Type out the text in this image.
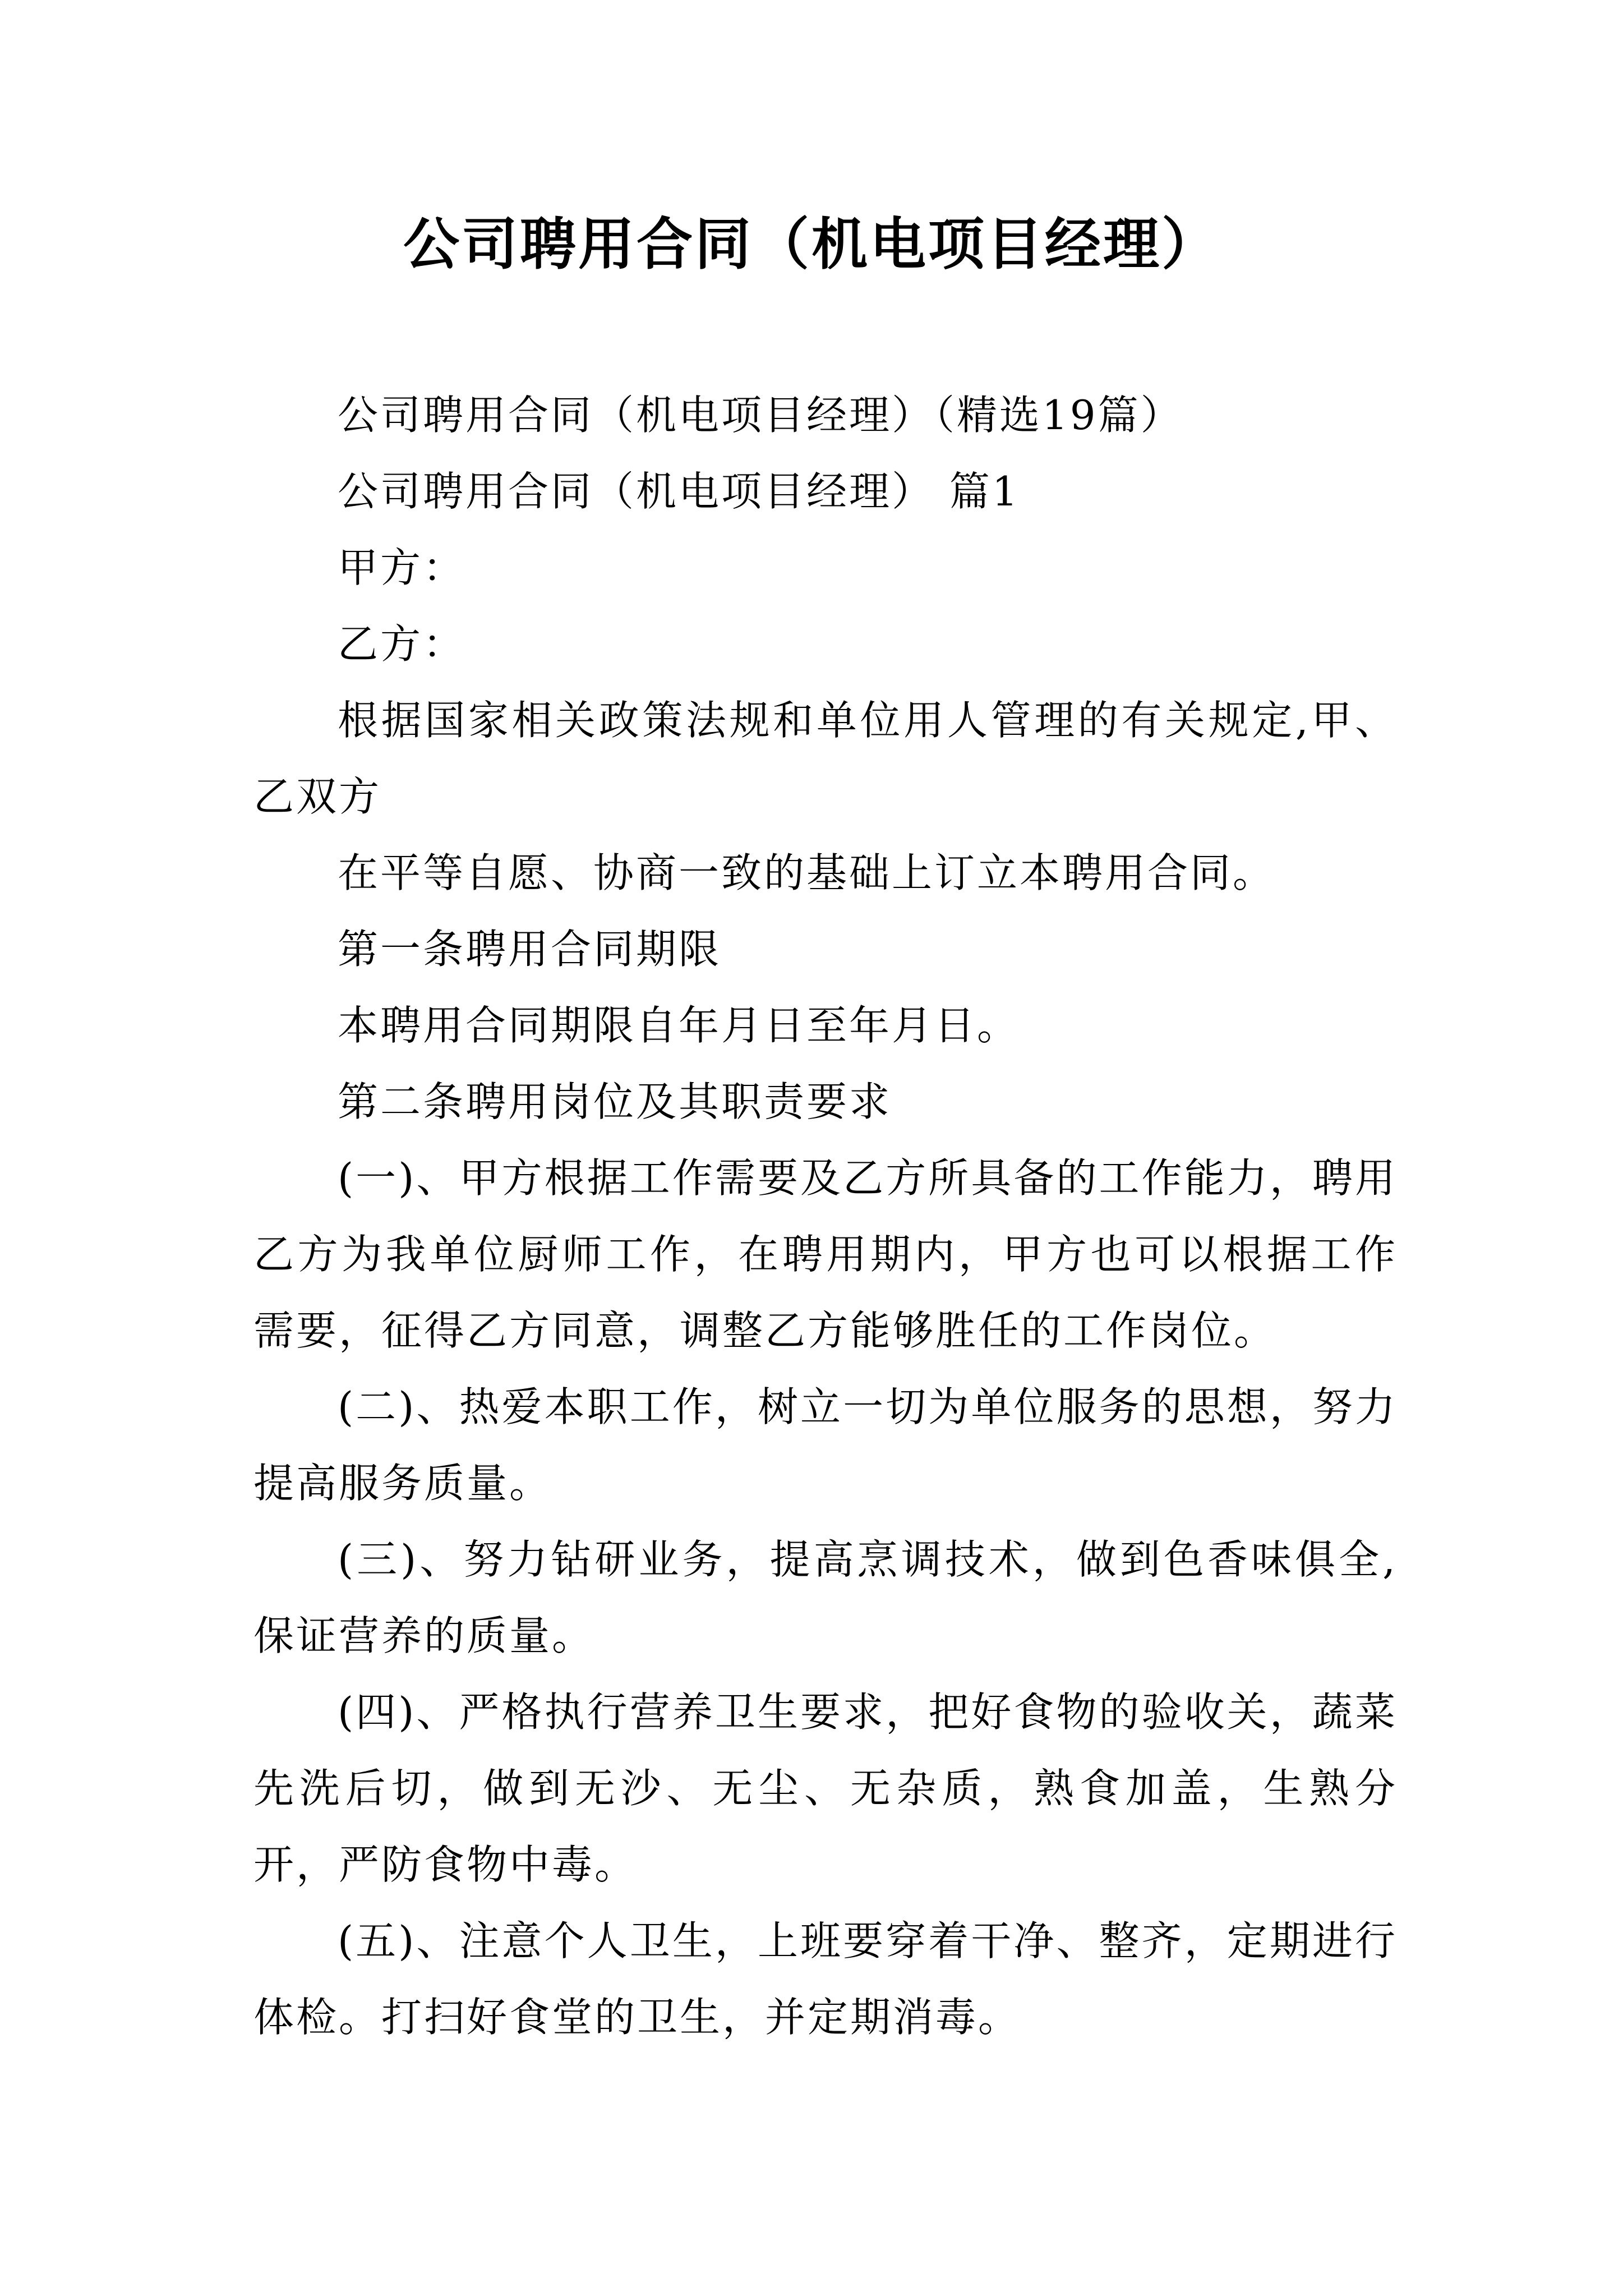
公司聘用合同（机电项目经理）

公司聘用合同（机电项目经理）（精选19篇）

公司聘用合同（机电项目经理） 篇1

甲方：

乙方：

根据国家相关政策法规和单位用人管理的有关规定,甲、乙双方

在平等自愿、协商一致的基础上订立本聘用合同。

第一条聘用合同期限

本聘用合同期限自年月日至年月日。

第二条聘用岗位及其职责要求

(一)、甲方根据工作需要及乙方所具备的工作能力，聘用乙方为我单位厨师工作，在聘用期内，甲方也可以根据工作需要，征得乙方同意，调整乙方能够胜任的工作岗位。

(二)、热爱本职工作，树立一切为单位服务的思想，努力提高服务质量。

(三)、努力钻研业务，提高烹调技术，做到色香味俱全,保证营养的质量。

(四)、严格执行营养卫生要求，把好食物的验收关，蔬菜先洗后切，做到无沙、无尘、无杂质，熟食加盖，生熟分开，严防食物中毒。

(五)、注意个人卫生，上班要穿着干净、整齐，定期进行体检。打扫好食堂的卫生，并定期消毒。
